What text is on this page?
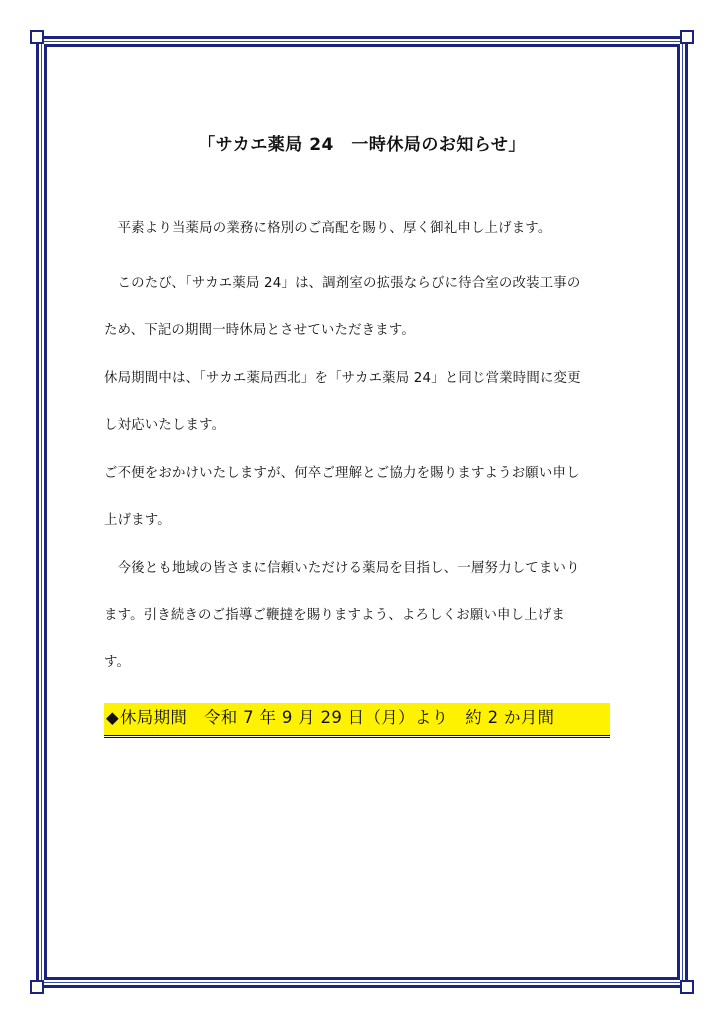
「サカエ薬局 24　一時休局のお知らせ」
　平素より当薬局の業務に格別のご高配を賜り、厚く御礼申し上げます。
　このたび、「サカエ薬局 24」は、調剤室の拡張ならびに待合室の改装工事の
ため、下記の期間一時休局とさせていただきます。
休局期間中は、「サカエ薬局西北」を「サカエ薬局 24」と同じ営業時間に変更
し対応いたします。
ご不便をおかけいたしますが、何卒ご理解とご協力を賜りますようお願い申し
上げます。
　今後とも地域の皆さまに信頼いただける薬局を目指し、一層努力してまいり
ます。引き続きのご指導ご鞭撻を賜りますよう、よろしくお願い申し上げま
す。
◆休局期間　令和 7 年 9 月 29 日（月）より　約 2 か月間
